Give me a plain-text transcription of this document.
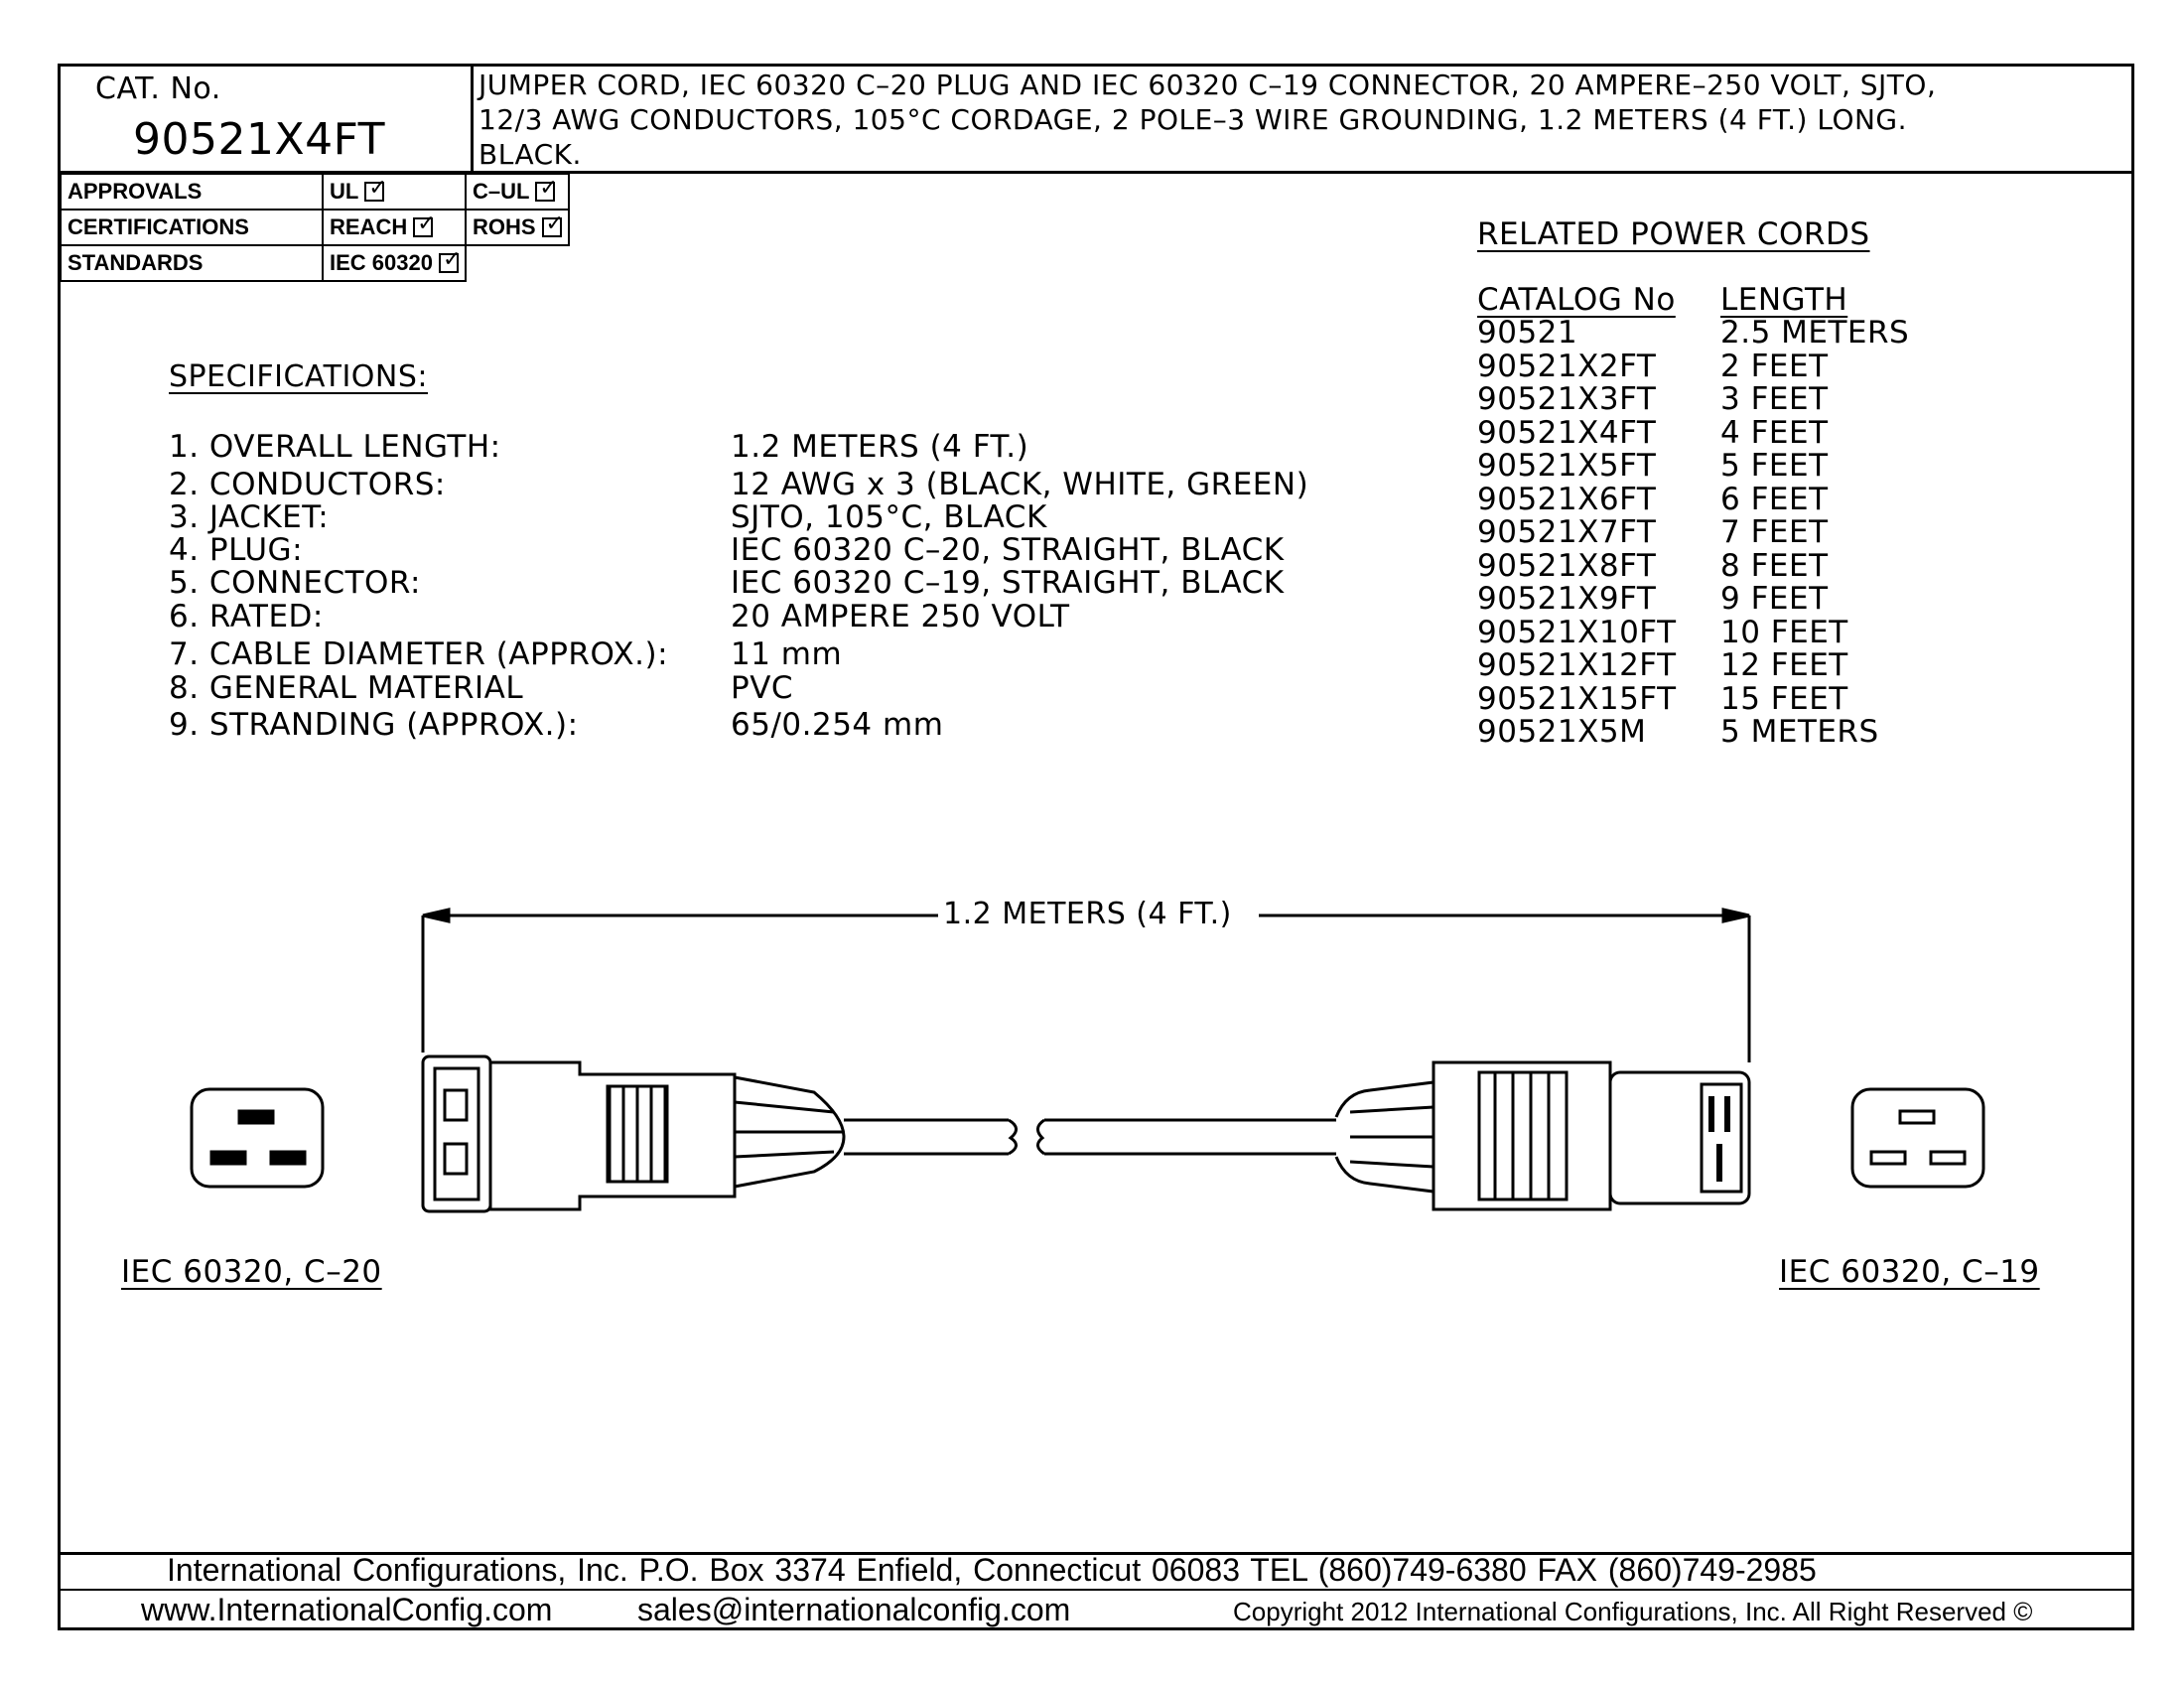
CAT. No.
90521X4FT
JUMPER CORD, IEC 60320 C–20 PLUG AND IEC 60320 C–19 CONNECTOR, 20 AMPERE–250 VOLT, SJTO,
12/3 AWG CONDUCTORS, 105°C CORDAGE, 2 POLE–3 WIRE GROUNDING, 1.2 METERS (4 FT.) LONG.
BLACK.
APPROVALS	UL✓	C–UL✓
CERTIFICATIONS	REACH✓	ROHS✓
STANDARDS	IEC 60320✓	
SPECIFICATIONS:
1. OVERALL LENGTH:	1.2 METERS (4 FT.)
2. CONDUCTORS:	12 AWG x 3 (BLACK, WHITE, GREEN)
3. JACKET:	SJTO, 105°C, BLACK
4. PLUG:	IEC 60320 C–20, STRAIGHT, BLACK
5. CONNECTOR:	IEC 60320 C–19, STRAIGHT, BLACK
6. RATED:	20 AMPERE 250 VOLT
7. CABLE DIAMETER (APPROX.): 11 mm
8. GENERAL MATERIAL	PVC
9. STRANDING (APPROX.):	65/0.254 mm
RELATED POWER CORDS
CATALOG No LENGTH
90521	2.5 METERS
90521X2FT 2 FEET
90521X3FT 3 FEET
90521X4FT 4 FEET
90521X5FT 5 FEET
90521X6FT 6 FEET
90521X7FT 7 FEET
90521X8FT 8 FEET
90521X9FT 9 FEET
90521X10FT 10 FEET
90521X12FT 12 FEET
90521X15FT 15 FEET
90521X5M 5 METERS
1.2 METERS (4 FT.)
IEC 60320, C–20	IEC 60320, C–19
International Configurations, Inc. P.O. Box 3374 Enfield, Connecticut 06083 TEL (860)749-6380 FAX (860)749-2985
www.InternationalConfig.com	sales@internationalconfig.com	Copyright 2012 International Configurations, Inc. All Right Reserved ©
